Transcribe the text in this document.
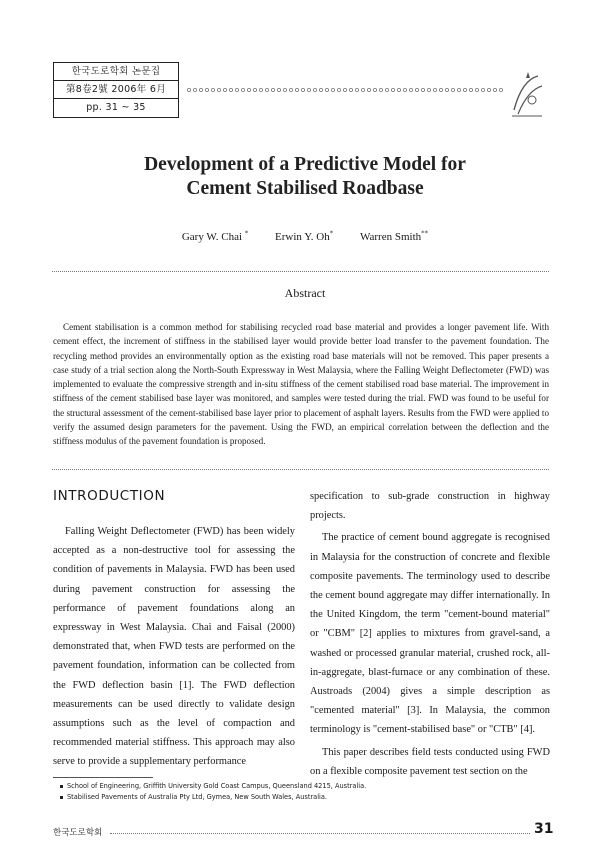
한국도로학회 논문집
第8卷2號 2006年 6月
pp. 31 ~ 35
Development of a Predictive Model for
Cement Stabilised Roadbase
Gary W. Chai * Erwin Y. Oh* Warren Smith**
Abstract

Cement stabilisation is a common method for stabilising recycled road base material and provides a longer pavement life. With cement effect, the increment of stiffness in the stabilised layer would provide better load transfer to the pavement foundation. The recycling method provides an environmentally option as the existing road base materials will not be removed. This paper presents a case study of a trial section along the North-South Expressway in West Malaysia, where the Falling Weight Deflectometer (FWD) was implemented to evaluate the compressive strength and in-situ stiffness of the cement stabilised road base material. The improvement in stiffness of the cement stabilised base layer was monitored, and samples were tested during the trial. FWD was found to be useful for the structural assessment of the cement-stabilised base layer prior to placement of asphalt layers. Results from the FWD were applied to verify the assumed design parameters for the pavement. Using the FWD, an empirical correlation between the deflection and the stiffness modulus of the pavement foundation is proposed.

INTRODUCTION

Falling Weight Deflectometer (FWD) has been widely accepted as a non-destructive tool for assessing the condition of pavements in Malaysia. FWD has been used during pavement construction for assessing the performance of pavement foundations along an expressway in West Malaysia. Chai and Faisal (2000) demonstrated that, when FWD tests are performed on the pavement foundation, information can be collected from the FWD deflection basin [1]. The FWD deflection measurements can be used directly to validate design assumptions such as the level of compaction and recommended material stiffness. This approach may also serve to provide a supplementary performance

specification to sub-grade construction in highway projects.

The practice of cement bound aggregate is recognised in Malaysia for the construction of concrete and flexible composite pavements. The terminology used to describe the cement bound aggregate may differ internationally. In the United Kingdom, the term "cement-bound material" or "CBM" [2] applies to mixtures from gravel-sand, a washed or processed granular material, crushed rock, all-in-aggregate, blast-furnace or any combination of these. Austroads (2004) gives a simple description as "cemented material" [3]. In Malaysia, the common terminology is "cement-stabilised base" or "CTB" [4].

This paper describes field tests conducted using FWD on a flexible composite pavement test section on the

School of Engineering, Griffith University Gold Coast Campus, Queensland 4215, Australia.
Stabilised Pavements of Australia Pty Ltd, Gymea, New South Wales, Australia.
한국도로학회	31
